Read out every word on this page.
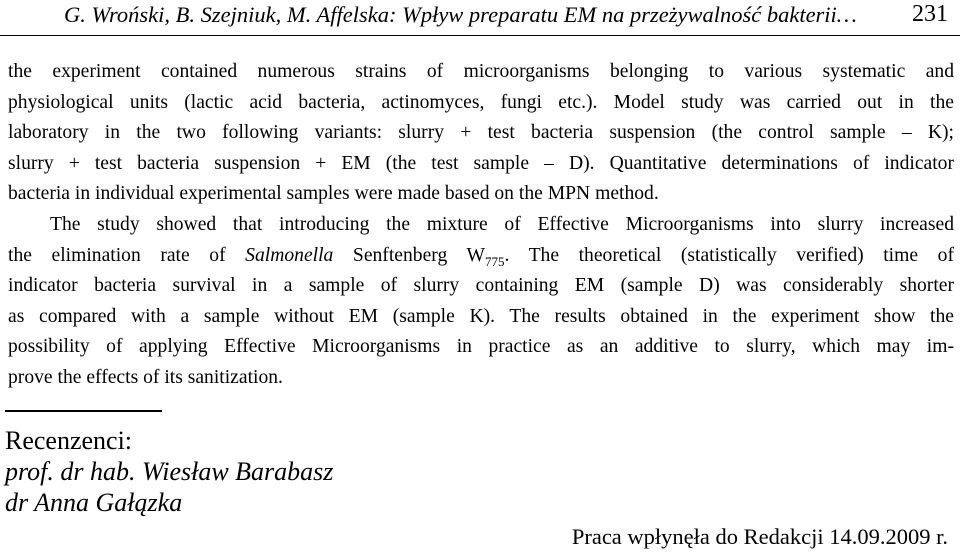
G. Wroński, B. Szejniuk, M. Affelska: Wpływ preparatu EM na przeżywalność bakterii… 231
the experiment contained numerous strains of microorganisms belonging to various systematic and
physiological units (lactic acid bacteria, actinomyces, fungi etc.). Model study was carried out in the
laboratory in the two following variants: slurry + test bacteria suspension (the control sample – K);
slurry + test bacteria suspension + EM (the test sample – D). Quantitative determinations of indicator
bacteria in individual experimental samples were made based on the MPN method.
The study showed that introducing the mixture of Effective Microorganisms into slurry increased
the elimination rate of Salmonella Senftenberg $W_{775}$. The theoretical (statistically verified) time of
indicator bacteria survival in a sample of slurry containing EM (sample D) was considerably shorter
as compared with a sample without EM (sample K). The results obtained in the experiment show the
possibility of applying Effective Microorganisms in practice as an additive to slurry, which may im-
prove the effects of its sanitization.
Recenzenci:
prof. dr hab. Wiesław Barabasz
dr Anna Gałązka
Praca wpłynęła do Redakcji 14.09.2009 r.
